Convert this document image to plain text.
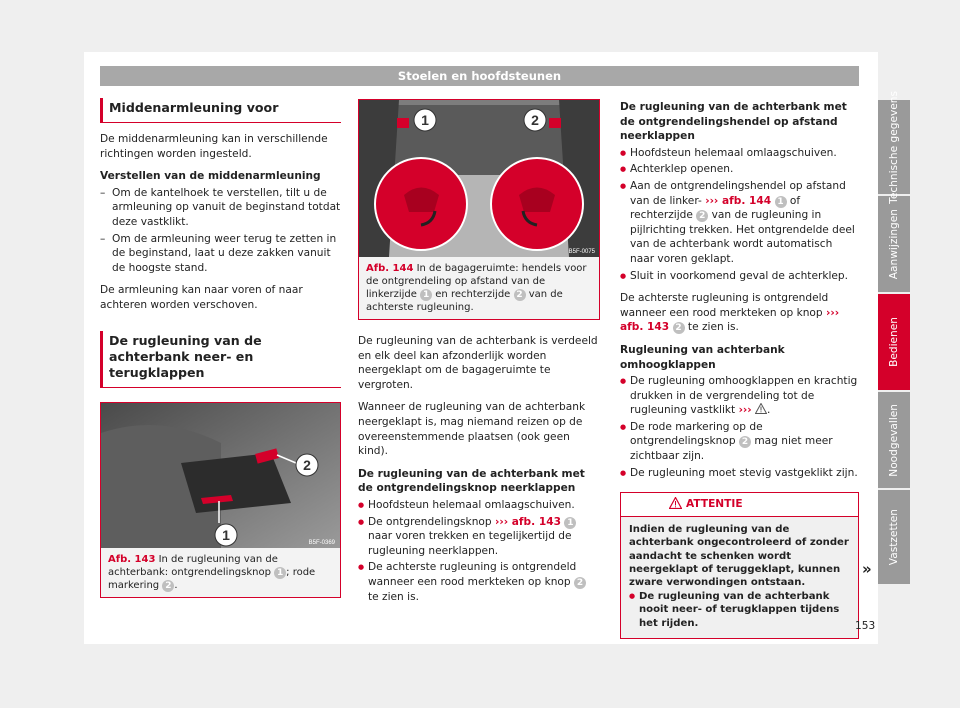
Stoelen en hoofdsteunen
Middenarmleuning voor

De middenarmleuning kan in verschillende richtingen worden ingesteld.

Verstellen van de middenarmleuning
– Om de kantelhoek te verstellen, tilt u de armleuning op vanuit de beginstand totdat deze vastklikt.
– Om de armleuning weer terug te zetten in de beginstand, laat u deze zakken vanuit de hoogste stand.

De armleuning kan naar voren of naar achteren worden verschoven.

De rugleuning van de achterbank neer- en terugklappen
2
1	B5F-0369
Afb. 143 In de rugleuning van de achterbank: ontgrendelingsknop 1 ; rode markering 2 .
1	2
B5F-0075
Afb. 144 In de bagageruimte: hendels voor de ontgrendeling op afstand van de linkerzijde 1 en rechterzijde 2 van de achterste rugleuning.

De rugleuning van de achterbank is verdeeld en elk deel kan afzonderlijk worden neergeklapt om de bagageruimte te vergroten.

Wanneer de rugleuning van de achterbank neergeklapt is, mag niemand reizen op de overeenstemmende plaatsen (ook geen kind).

De rugleuning van de achterbank met de ontgrendelingsknop neerklappen
● Hoofdsteun helemaal omlaagschuiven.
● De ontgrendelingsknop ››› afb. 143 1 naar voren trekken en tegelijkertijd de rugleuning neerklappen.
● De achterste rugleuning is ontgrendeld wanneer een rood merkteken op knop 2 te zien is.
De rugleuning van de achterbank met de ontgrendelingshendel op afstand neerklappen
● Hoofdsteun helemaal omlaagschuiven.
● Achterklep openen.
● Aan de ontgrendelingshendel op afstand van de linker- ››› afb. 144 1 of rechterzijde 2 van de rugleuning in pijlrichting trekken. Het ontgrendelde deel van de achterbank wordt automatisch naar voren geklapt.
● Sluit in voorkomend geval de achterklep.

De achterste rugleuning is ontgrendeld wanneer een rood merkteken op knop ››› afb. 143 2 te zien is.

Rugleuning van achterbank omhoogklappen
● De rugleuning omhoogklappen en krachtig drukken in de vergrendeling tot de rugleuning vastklikt ››› .
● De rode markering op de ontgrendelingsknop 2 mag niet meer zichtbaar zijn.
● De rugleuning moet stevig vastgeklikt zijn.
ATTENTIE
Indien de rugleuning van de achterbank ongecontroleerd of zonder aandacht te schenken wordt neergeklapt of teruggeklapt, kunnen zware verwondingen ontstaan.
● De rugleuning van de achterbank nooit neer- of terugklappen tijdens het rijden.
»
Technische gegevens
Aanwijzingen
Bedienen
Noodgevallen
Vastzetten
153
